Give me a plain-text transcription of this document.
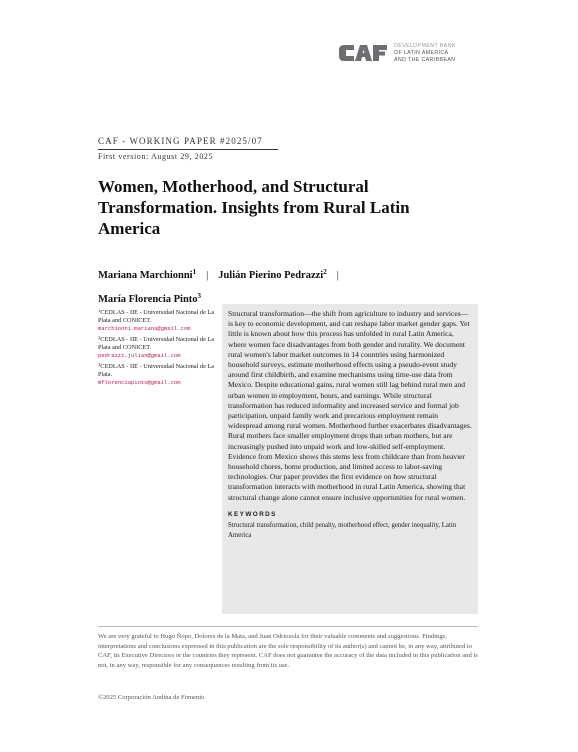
DEVELOPMENT BANK
OF LATIN AMERICA
AND THE CARIBBEAN
CAF - WORKING PAPER #2025/07
First version: August 29, 2025
Women, Motherhood, and Structural Transformation. Insights from Rural Latin America
Mariana Marchionni$^1$ | Julián Pierino Pedrazzi$^2$ |
María Florencia Pinto$^3$
$^1$CEDLAS - IIE - Universidad Nacional de La Plata and CONICET.
marchionni.mariana@gmail.com
$^2$CEDLAS - IIE - Universidad Nacional de La Plata and CONICET.
pedrazzi.julian@gmail.com
$^3$CEDLAS - IIE - Universidad Nacional de La Plata.
mflorenciapinto@gmail.com

Structural transformation—the shift from agriculture to industry and services—is key to economic development, and can reshape labor market gender gaps. Yet little is known about how this process has unfolded in rural Latin America, where women face disadvantages from both gender and rurality. We document rural women's labor market outcomes in 14 countries using harmonized household surveys, estimate motherhood effects using a pseudo-event study around first childbirth, and examine mechanisms using time-use data from Mexico. Despite educational gains, rural women still lag behind rural men and urban women in employment, hours, and earnings. While structural transformation has reduced informality and increased service and formal job participation, unpaid family work and precarious employment remain widespread among rural women. Motherhood further exacerbates disadvantages. Rural mothers face smaller employment drops than urban mothers, but are increasingly pushed into unpaid work and low-skilled self-employment. Evidence from Mexico shows this stems less from childcare than from heavier household chores, home production, and limited access to labor-saving technologies. Our paper provides the first evidence on how structural transformation interacts with motherhood in rural Latin America, showing that structural change alone cannot ensure inclusive opportunities for rural women.

KEYWORDS

Structural transformation, child penalty, motherhood effect, gender inequality, Latin America

We are very grateful to Hugo Ñopo, Dolores de la Mata, and Juan Odriozola for their valuable comments and suggestions. Findings, interpretations and conclusions expressed in this publication are the sole responsibility of its author(s) and cannot be, in any way, attributed to CAF, its Executive Directors or the countries they represent. CAF does not guarantee the accuracy of the data included in this publication and is not, in any way, responsible for any consequences resulting from its use.

©2025 Corporación Andina de Fomento
